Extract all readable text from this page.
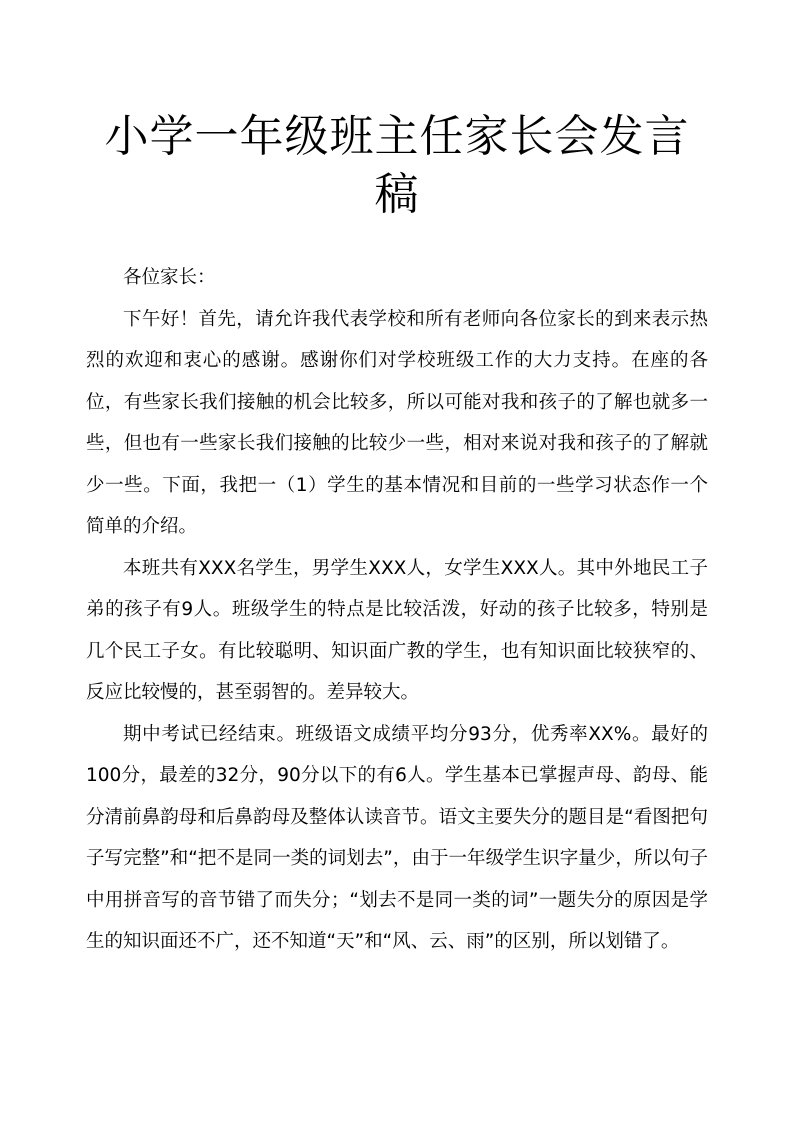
小学一年级班主任家长会发言稿

各位家长：

下午好！首先，请允许我代表学校和所有老师向各位家长的到来表示热烈的欢迎和衷心的感谢。感谢你们对学校班级工作的大力支持。在座的各位，有些家长我们接触的机会比较多，所以可能对我和孩子的了解也就多一些，但也有一些家长我们接触的比较少一些，相对来说对我和孩子的了解就少一些。下面，我把一（1）学生的基本情况和目前的一些学习状态作一个简单的介绍。

本班共有XXX名学生，男学生XXX人，女学生XXX人。其中外地民工子弟的孩子有9人。班级学生的特点是比较活泼，好动的孩子比较多，特别是几个民工子女。有比较聪明、知识面广教的学生，也有知识面比较狭窄的、反应比较慢的，甚至弱智的。差异较大。

期中考试已经结束。班级语文成绩平均分93分，优秀率XX%。最好的100分，最差的32分，90分以下的有6人。学生基本已掌握声母、韵母、能分清前鼻韵母和后鼻韵母及整体认读音节。语文主要失分的题目是“看图把句子写完整”和“把不是同一类的词划去”，由于一年级学生识字量少，所以句子中用拼音写的音节错了而失分；“划去不是同一类的词”一题失分的原因是学生的知识面还不广，还不知道“天”和“风、云、雨”的区别，所以划错了。
